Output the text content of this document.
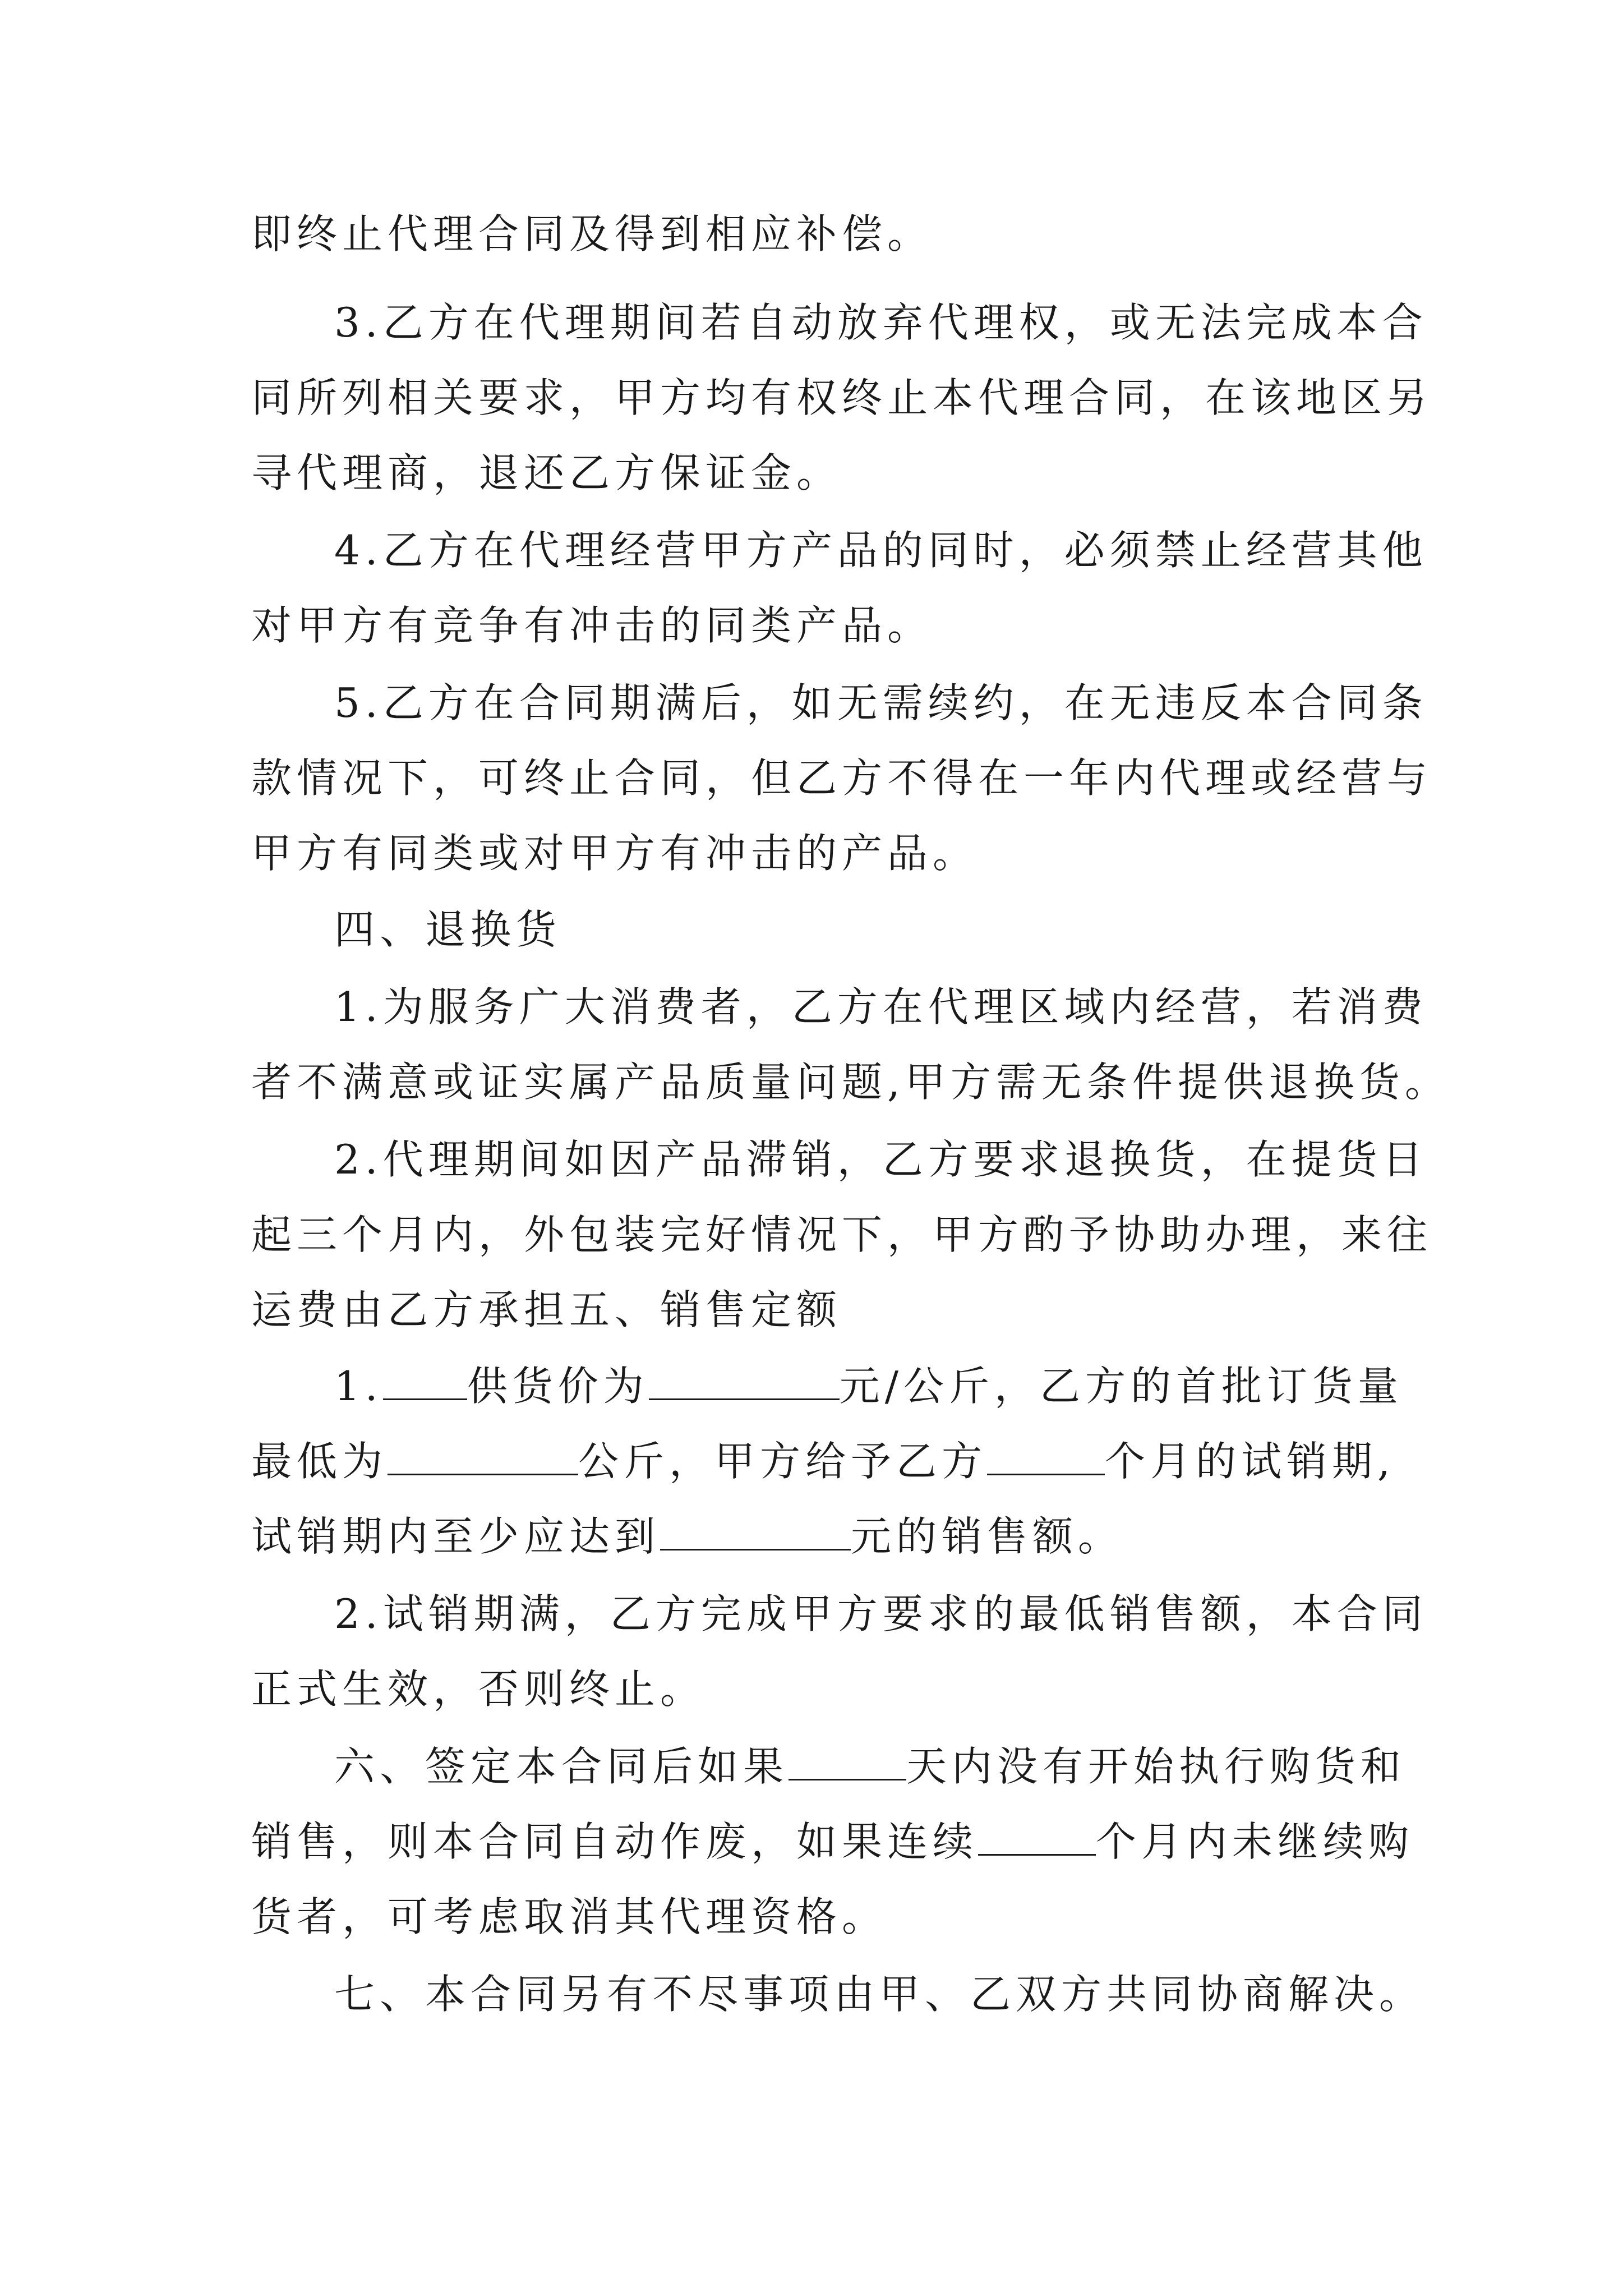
即终止代理合同及得到相应补偿。
3.乙方在代理期间若自动放弃代理权，或无法完成本合
同所列相关要求，甲方均有权终止本代理合同，在该地区另
寻代理商，退还乙方保证金。
4.乙方在代理经营甲方产品的同时，必须禁止经营其他
对甲方有竞争有冲击的同类产品。
5.乙方在合同期满后，如无需续约，在无违反本合同条
款情况下，可终止合同，但乙方不得在一年内代理或经营与
甲方有同类或对甲方有冲击的产品。
四、退换货
1.为服务广大消费者，乙方在代理区域内经营，若消费
者不满意或证实属产品质量问题,甲方需无条件提供退换货。
2.代理期间如因产品滞销，乙方要求退换货，在提货日
起三个月内，外包装完好情况下，甲方酌予协助办理，来往
运费由乙方承担五、销售定额
1. 供货价为	元/公斤，乙方的首批订货量
最低为	公斤，甲方给予乙方	个月的试销期,
试销期内至少应达到	元的销售额。
2.试销期满，乙方完成甲方要求的最低销售额，本合同
正式生效，否则终止。
六、签定本合同后如果	天内没有开始执行购货和
销售，则本合同自动作废，如果连续	个月内未继续购
货者，可考虑取消其代理资格。
七、本合同另有不尽事项由甲、乙双方共同协商解决。
